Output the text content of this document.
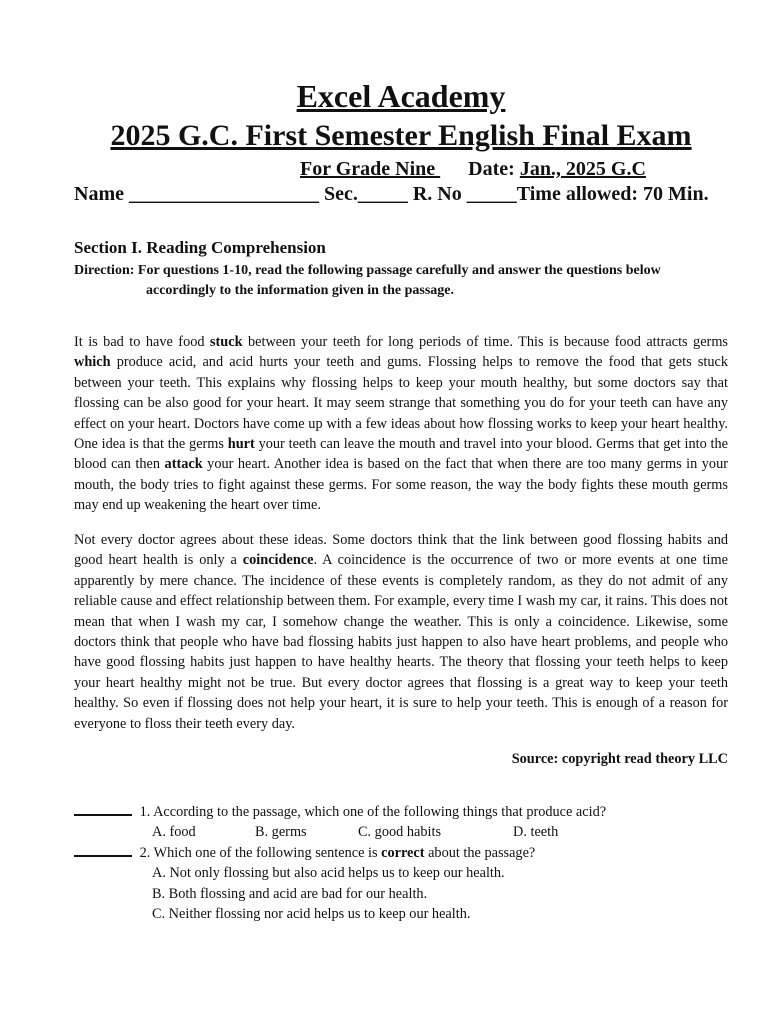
Excel Academy
2025 G.C. First Semester English Final Exam
For Grade Nine Date: Jan., 2025 G.C
Name ___________________ Sec._____ R. No _____Time allowed: 70 Min.
Section I. Reading Comprehension
Direction: For questions 1-10, read the following passage carefully and answer the questions below
accordingly to the information given in the passage.

It is bad to have food stuck between your teeth for long periods of time. This is because food attracts germs which produce acid, and acid hurts your teeth and gums. Flossing helps to remove the food that gets stuck between your teeth. This explains why flossing helps to keep your mouth healthy, but some doctors say that flossing can be also good for your heart. It may seem strange that something you do for your teeth can have any effect on your heart. Doctors have come up with a few ideas about how flossing works to keep your heart healthy. One idea is that the germs hurt your teeth can leave the mouth and travel into your blood. Germs that get into the blood can then attack your heart. Another idea is based on the fact that when there are too many germs in your mouth, the body tries to fight against these germs. For some reason, the way the body fights these mouth germs may end up weakening the heart over time.

Not every doctor agrees about these ideas. Some doctors think that the link between good flossing habits and good heart health is only a coincidence. A coincidence is the occurrence of two or more events at one time apparently by mere chance. The incidence of these events is completely random, as they do not admit of any reliable cause and effect relationship between them. For example, every time I wash my car, it rains. This does not mean that when I wash my car, I somehow change the weather. This is only a coincidence. Likewise, some doctors think that people who have bad flossing habits just happen to also have heart problems, and people who have good flossing habits just happen to have healthy hearts. The theory that flossing your teeth helps to keep your heart healthy might not be true. But every doctor agrees that flossing is a great way to keep your teeth healthy. So even if flossing does not help your heart, it is sure to help your teeth. This is enough of a reason for everyone to floss their teeth every day.

Source: copyright read theory LLC
1. According to the passage, which one of the following things that produce acid?
A. food	B. germs	C. good habits	D. teeth
2. Which one of the following sentence is correct about the passage?
A. Not only flossing but also acid helps us to keep our health.
B. Both flossing and acid are bad for our health.
C. Neither flossing nor acid helps us to keep our health.
